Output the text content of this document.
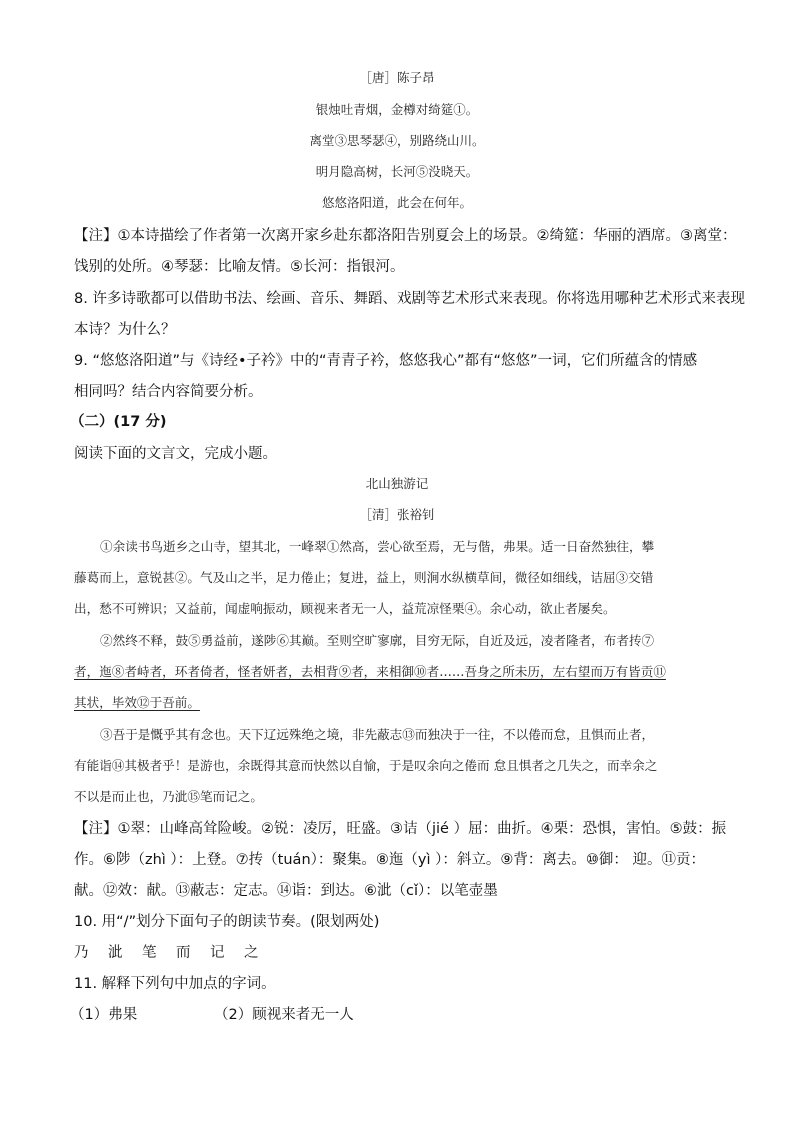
［唐］陈子昂
银烛吐青烟，金樽对绮筵①。
离堂③思琴瑟④，别路绕山川。
明月隐高树，长河⑤没晓天。
悠悠洛阳道，此会在何年。
【注】①本诗描绘了作者第一次离开家乡赴东都洛阳告别夏会上的场景。②绮筵：华丽的酒席。③离堂：
饯别的处所。④琴瑟：比喻友情。⑤长河：指银河。
8. 许多诗歌都可以借助书法、绘画、音乐、舞蹈、戏剧等艺术形式来表现。你将选用哪种艺术形式来表现
本诗？为什么？
9. “悠悠洛阳道”与《诗经•子衿》中的“青青子衿，悠悠我心”都有“悠悠”一词，它们所蕴含的情感
相同吗？结合内容简要分析。
（二）(17 分)
阅读下面的文言文，完成小题。
北山独游记
［清］张裕钊
①余读书鸟逝乡之山寺，望其北，一峰翠①然高，尝心欲至焉，无与偕，弗果。适一日奋然独往，攀
藤葛而上，意锐甚②。气及山之半，足力倦止；复进，益上，则涧水纵横草间，微径如细线，诘屈③交错
出，愁不可辨识；又益前，闻虚响振动，顾视来者无一人，益荒凉怪栗④。余心动，欲止者屡矣。
②然终不释，鼓⑤勇益前，遂陟⑥其巅。至则空旷寥廓，目穷无际，自近及远，凌者隆者，布者抟⑦
者，迤⑧者峙者，环者倚者，怪者妍者，去相背⑨者，来相御⑩者……吾身之所未历，左右望而万有皆贡⑪
其状，毕效⑫于吾前。
③吾于是慨乎其有念也。天下辽远殊绝之境，非先蔽志⑬而独决于一往，不以倦而怠，且惧而止者，
有能诣⑭其极者乎！是游也，余既得其意而快然以自愉，于是叹余向之倦而 怠且惧者之几失之，而幸余之
不以是而止也，乃泚⑮笔而记之。
【注】①翠：山峰高耸险峻。②锐：凌厉，旺盛。③诘（jié ）屈：曲折。④栗：恐惧，害怕。⑤鼓：振
作。⑥陟（zhì ）：上登。⑦抟（tuán）：聚集。⑧迤（yì ）：斜立。⑨背：离去。⑩御： 迎。⑪贡：
献。⑫效：献。⑬蔽志：定志。⑭诣：到达。⑥泚（cǐ）：以笔壶墨
10. 用“/”划分下面句子的朗读节奏。(限划两处)
乃 泚 笔 而 记 之
11. 解释下列句中加点的字词。
（1）弗果	（2）顾视来者无一人
